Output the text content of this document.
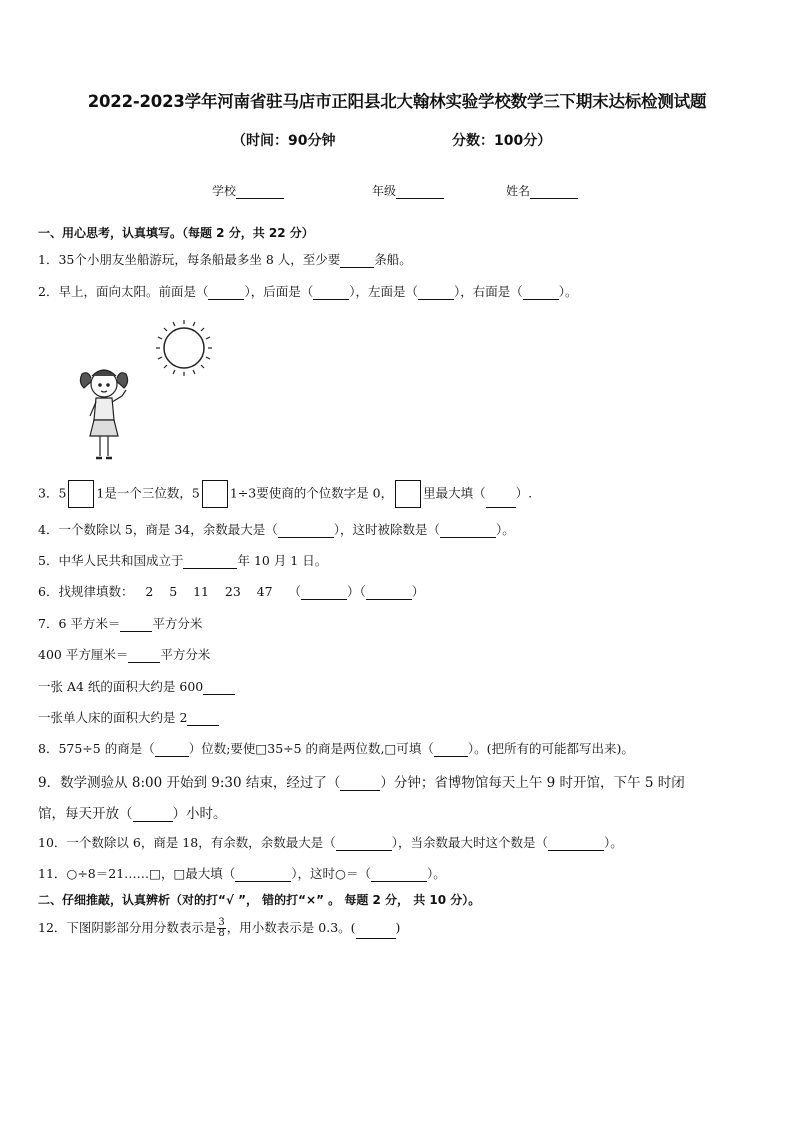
2022-2023学年河南省驻马店市正阳县北大翰林实验学校数学三下期末达标检测试题
（时间：90分钟	分数：100分）
学校	年级	姓名
一、用心思考，认真填写。（每题 2 分，共 22 分）
1．35个小朋友坐船游玩，每条船最多坐 8 人，至少要	条船。
2．早上，面向太阳。前面是（	），后面是（	），左面是（	），右面是（	）。
3．5 1是一个三位数，5 1÷3要使商的个位数字是 0， 里最大填（ ）.
4．一个数除以 5，商是 34，余数最大是（	），这时被除数是（	）。
5．中华人民共和国成立于	年 10 月 1 日。
6．找规律填数： 2    5    11    23    47 （	）（	）
7．6 平方米＝	平方分米
400 平方厘米＝	平方分米
一张 A4 纸的面积大约是 600
一张单人床的面积大约是 2
8．575÷5 的商是（	）位数;要使□35÷5 的商是两位数,□可填（	）。(把所有的可能都写出来)。
9．数学测验从 8:00 开始到 9:30 结束，经过了（	）分钟；省博物馆每天上午 9 时开馆，下午 5 时闭
馆，每天开放（	）小时。
10．一个数除以 6，商是 18，有余数，余数最大是（	），当余数最大时这个数是（	）。
11．○÷8＝21……□，□最大填（	），这时○＝（	）。
二、仔细推敲，认真辨析（对的打“√ ”， 错的打“×” 。 每题 2 分， 共 10 分）。
12．下图阴影部分用分数表示是 $\frac{3}{8}$ ，用小数表示是 0.3。(	)
